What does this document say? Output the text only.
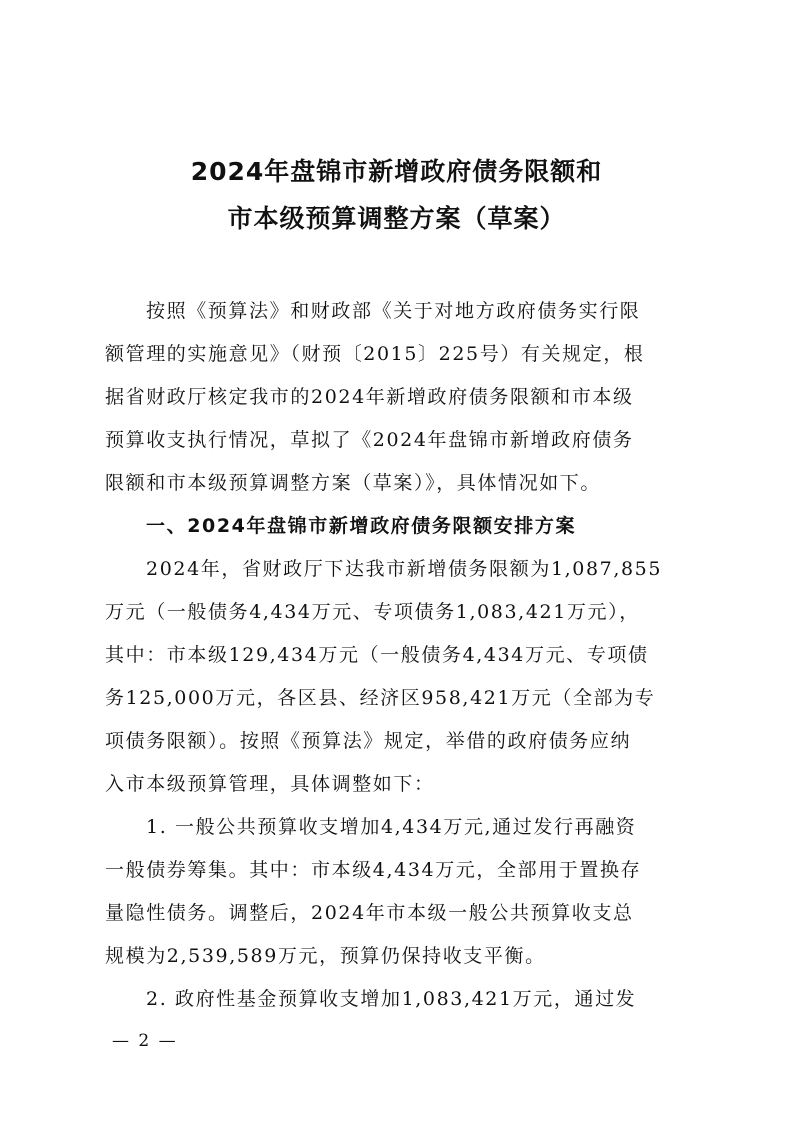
2024年盘锦市新增政府债务限额和
市本级预算调整方案（草案）
按照《预算法》和财政部《关于对地方政府债务实行限
额管理的实施意见》（财预〔2015〕225号）有关规定，根
据省财政厅核定我市的2024年新增政府债务限额和市本级
预算收支执行情况，草拟了《2024年盘锦市新增政府债务
限额和市本级预算调整方案（草案）》，具体情况如下。
一、2024年盘锦市新增政府债务限额安排方案
2024年，省财政厅下达我市新增债务限额为1,087,855
万元（一般债务4,434万元、专项债务1,083,421万元），
其中：市本级129,434万元（一般债务4,434万元、专项债
务125,000万元，各区县、经济区958,421万元（全部为专
项债务限额）。按照《预算法》规定，举借的政府债务应纳
入市本级预算管理，具体调整如下：
1. 一般公共预算收支增加4,434万元,通过发行再融资
一般债券筹集。其中：市本级4,434万元，全部用于置换存
量隐性债务。调整后，2024年市本级一般公共预算收支总
规模为2,539,589万元，预算仍保持收支平衡。
2. 政府性基金预算收支增加1,083,421万元，通过发
— 2 —
